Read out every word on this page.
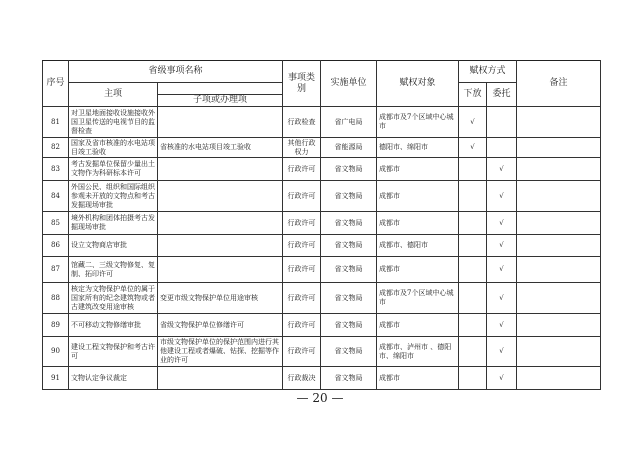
序号	省级事项名称		事项类别	实施单位	赋权对象	赋权方式		备注
	主项					下放	委托	
		子项或办理项						
81	对卫星地面接收设施接收外国卫星传送的电视节目的监督检查		行政检查	省广电局	成都市及7个区域中心城市	√		
82	国家及省市核准的水电站项目竣工验收	省核准的水电站项目竣工验收	其他行政权力	省能源局	德阳市、绵阳市	√		
83	考古发掘单位保留少量出土文物作为科研标本许可		行政许可	省文物局	成都市		√	
84	外国公民、组织和国际组织参观未开放的文物点和考古发掘现场审批		行政许可	省文物局	成都市		√	
85	境外机构和团体拍摄考古发掘现场审批		行政许可	省文物局	成都市		√	
86	设立文物商店审批		行政许可	省文物局	成都市、德阳市		√	
87	馆藏二、三级文物修复、复制、拓印许可		行政许可	省文物局	成都市		√	
88	核定为文物保护单位的属于国家所有的纪念建筑物或者古建筑改变用途审核	变更市级文物保护单位用途审核	行政许可	省文物局	成都市及7个区域中心城市		√	
89	不可移动文物修缮审批	省级文物保护单位修缮许可	行政许可	省文物局	成都市		√	
90	建设工程文物保护和考古许可	市级文物保护单位的保护范围内进行其他建设工程或者爆破、钻探、挖掘等作业的许可	行政许可	省文物局	成都市、泸州市 、德阳市、绵阳市		√	
91	文物认定争议裁定		行政裁决	省文物局	成都市		√	
— 20 —
